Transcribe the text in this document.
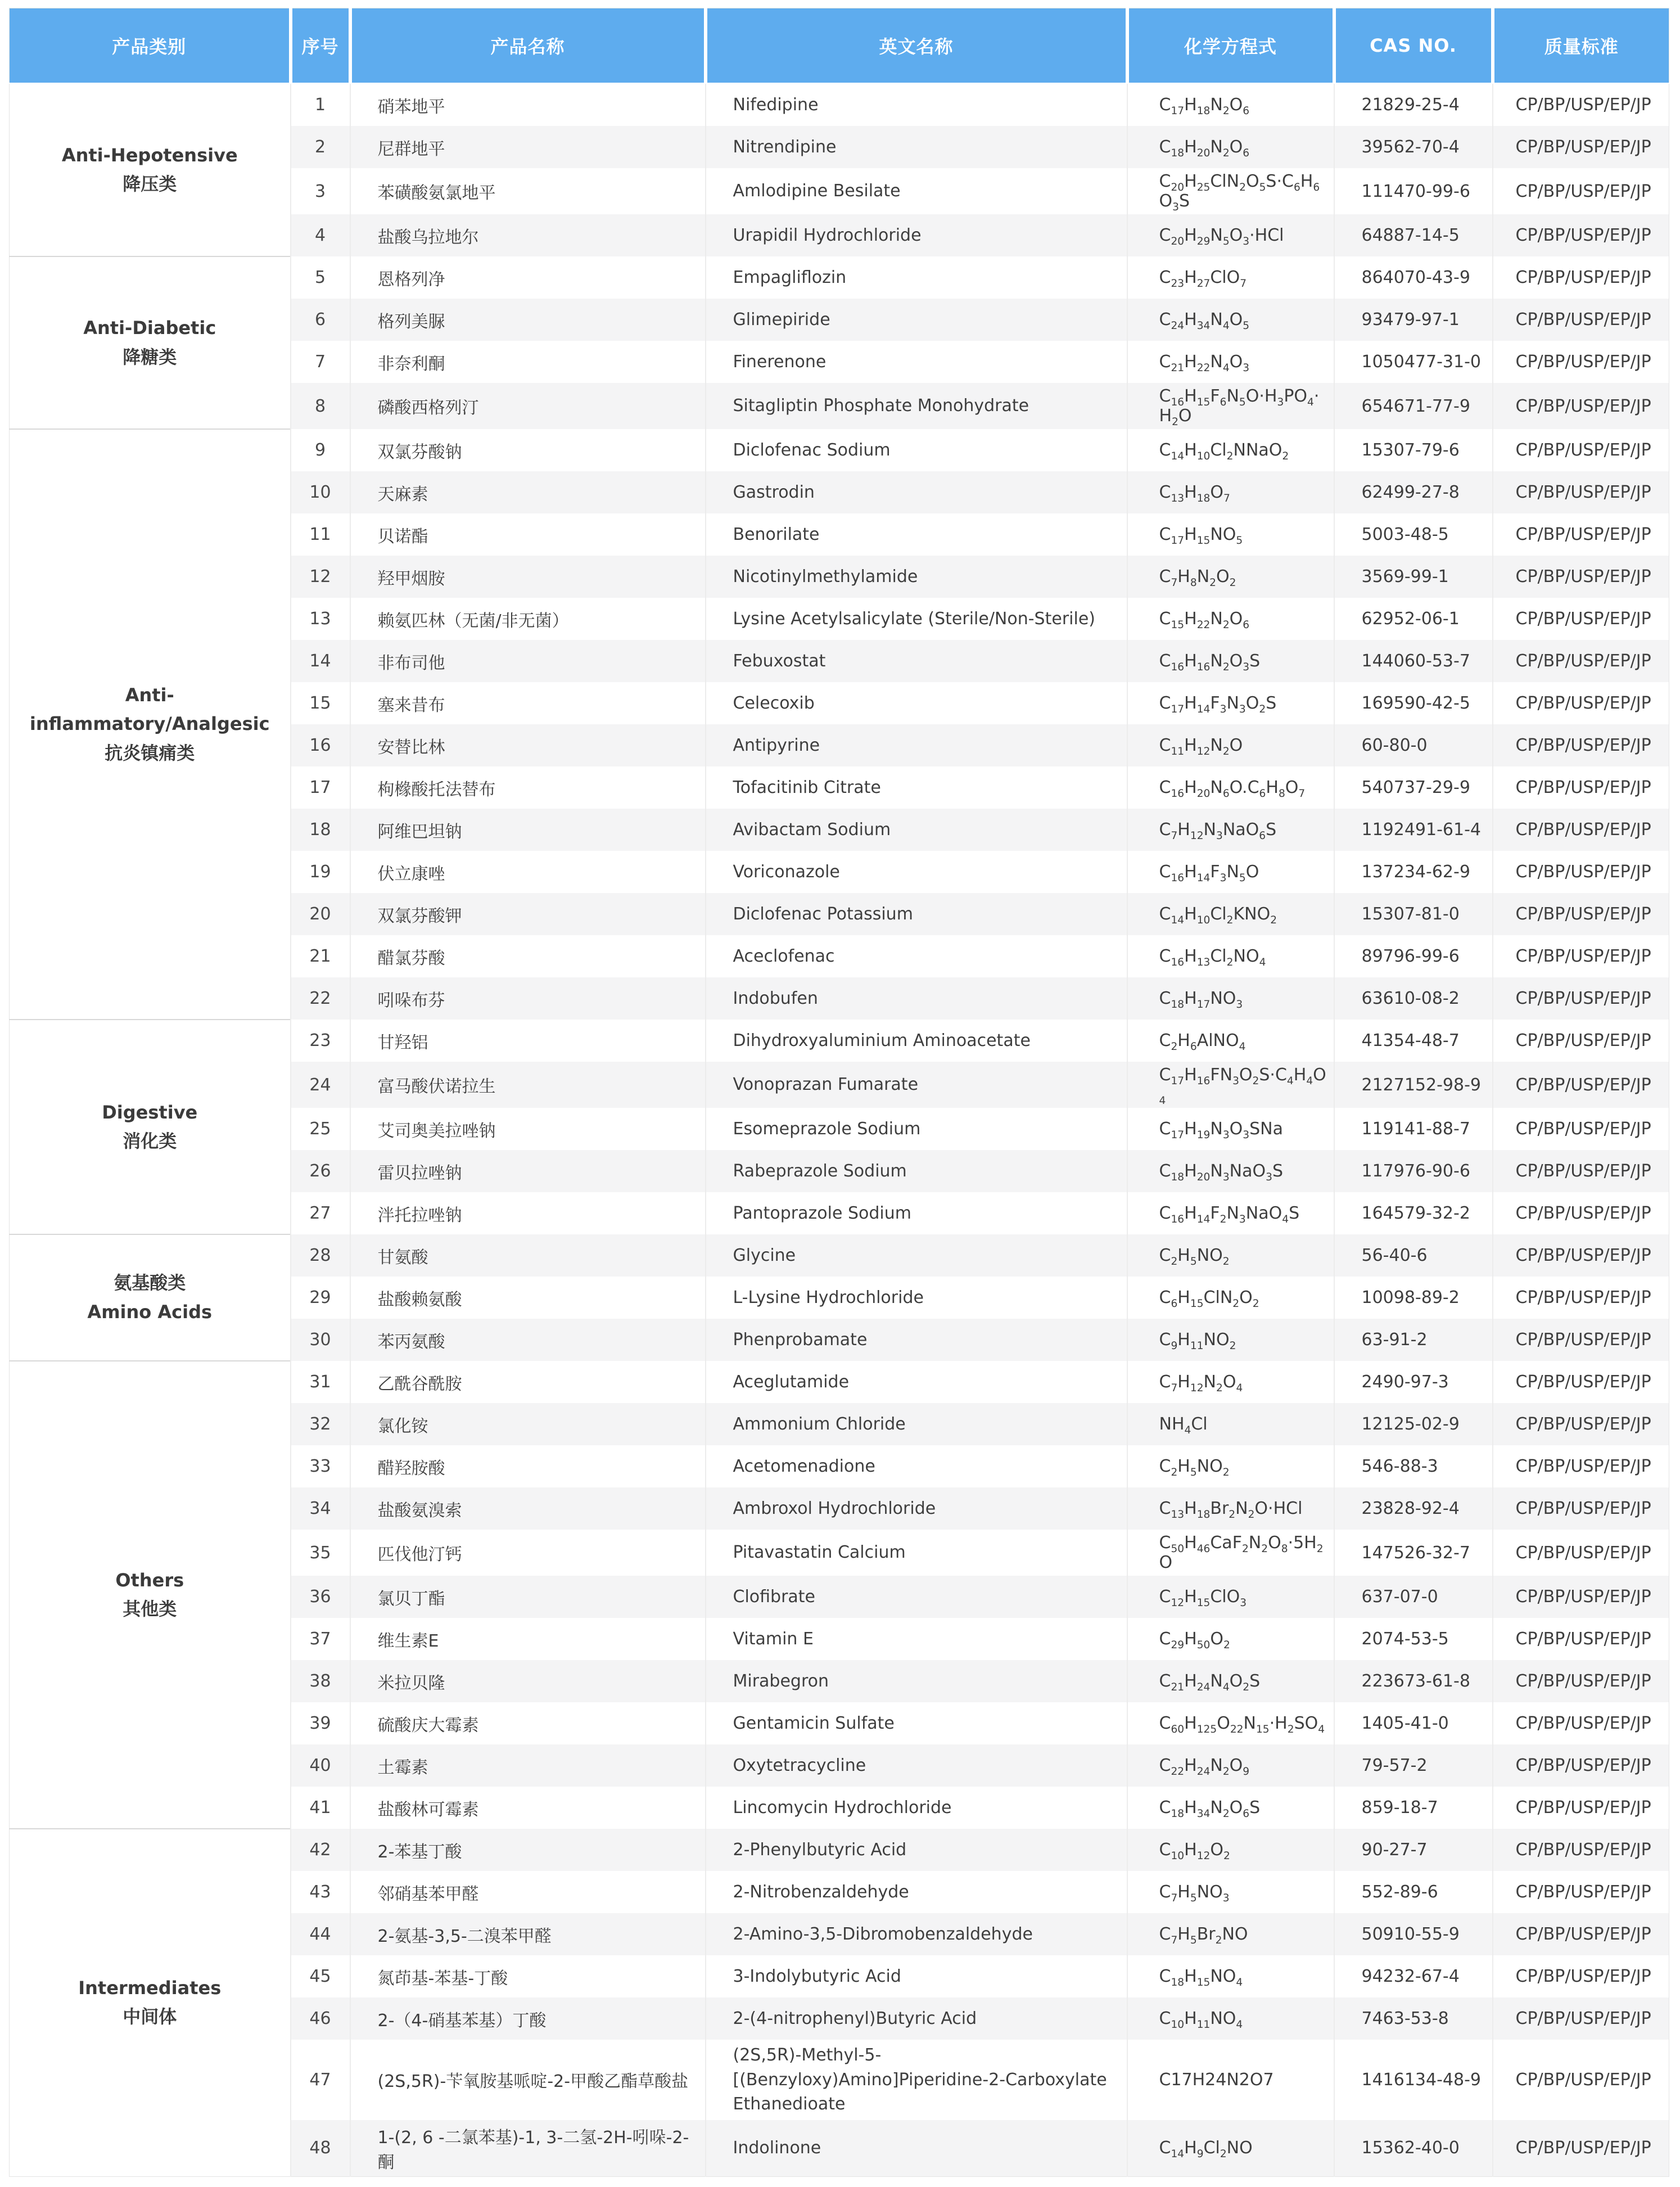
产品类别	序号	产品名称	英文名称	化学方程式	CAS NO.	质量标准

Anti-Hepotensive
降压类	1	硝苯地平	Nifedipine	$C_{17}H_{18}N_2O_6$	21829-25-4	CP/BP/USP/EP/JP
	2	尼群地平	Nitrendipine	$C_{18}H_{20}N_2O_6$	39562-70-4	CP/BP/USP/EP/JP
	3	苯磺酸氨氯地平	Amlodipine Besilate	$C_{20}H_{25}ClN_2O_5S\cdot C_6H_6O_3S$	111470-99-6	CP/BP/USP/EP/JP
	4	盐酸乌拉地尔	Urapidil Hydrochloride	$C_{20}H_{29}N_5O_3\cdot HCl$	64887-14-5	CP/BP/USP/EP/JP

Anti-Diabetic
降糖类	5	恩格列净	Empagliflozin	$C_{23}H_{27}ClO_7$	864070-43-9	CP/BP/USP/EP/JP
	6	格列美脲	Glimepiride	$C_{24}H_{34}N_4O_5$	93479-97-1	CP/BP/USP/EP/JP
	7	非奈利酮	Finerenone	$C_{21}H_{22}N_4O_3$	1050477-31-0	CP/BP/USP/EP/JP
	8	磷酸西格列汀	Sitagliptin Phosphate Monohydrate	$C_{16}H_{15}F_6N_5O\cdot H_3PO_4\cdot H_2O$	654671-77-9	CP/BP/USP/EP/JP

Anti-inflammatory/Analgesic
抗炎镇痛类	9	双氯芬酸钠	Diclofenac Sodium	$C_{14}H_{10}Cl_2NNaO_2$	15307-79-6	CP/BP/USP/EP/JP
	10	天麻素	Gastrodin	$C_{13}H_{18}O_7$	62499-27-8	CP/BP/USP/EP/JP
	11	贝诺酯	Benorilate	$C_{17}H_{15}NO_5$	5003-48-5	CP/BP/USP/EP/JP
	12	羟甲烟胺	Nicotinylmethylamide	$C_7H_8N_2O_2$	3569-99-1	CP/BP/USP/EP/JP
	13	赖氨匹林（无菌/非无菌）	Lysine Acetylsalicylate (Sterile/Non-Sterile)	$C_{15}H_{22}N_2O_6$	62952-06-1	CP/BP/USP/EP/JP
	14	非布司他	Febuxostat	$C_{16}H_{16}N_2O_3S$	144060-53-7	CP/BP/USP/EP/JP
	15	塞来昔布	Celecoxib	$C_{17}H_{14}F_3N_3O_2S$	169590-42-5	CP/BP/USP/EP/JP
	16	安替比林	Antipyrine	$C_{11}H_{12}N_2O$	60-80-0	CP/BP/USP/EP/JP
	17	枸橼酸托法替布	Tofacitinib Citrate	$C_{16}H_{20}N_6O.C_6H_8O_7$	540737-29-9	CP/BP/USP/EP/JP
	18	阿维巴坦钠	Avibactam Sodium	$C_7H_{12}N_3NaO_6S$	1192491-61-4	CP/BP/USP/EP/JP
	19	伏立康唑	Voriconazole	$C_{16}H_{14}F_3N_5O$	137234-62-9	CP/BP/USP/EP/JP
	20	双氯芬酸钾	Diclofenac Potassium	$C_{14}H_{10}Cl_2KNO_2$	15307-81-0	CP/BP/USP/EP/JP
	21	醋氯芬酸	Aceclofenac	$C_{16}H_{13}Cl_2NO_4$	89796-99-6	CP/BP/USP/EP/JP
	22	吲哚布芬	Indobufen	$C_{18}H_{17}NO_3$	63610-08-2	CP/BP/USP/EP/JP

Digestive
消化类	23	甘羟铝	Dihydroxyaluminium Aminoacetate	$C_2H_6AlNO_4$	41354-48-7	CP/BP/USP/EP/JP
	24	富马酸伏诺拉生	Vonoprazan Fumarate	$C_{17}H_{16}FN_3O_2S\cdot C_4H_4O_4$	2127152-98-9	CP/BP/USP/EP/JP
	25	艾司奥美拉唑钠	Esomeprazole Sodium	$C_{17}H_{19}N_3O_3SNa$	119141-88-7	CP/BP/USP/EP/JP
	26	雷贝拉唑钠	Rabeprazole Sodium	$C_{18}H_{20}N_3NaO_3S$	117976-90-6	CP/BP/USP/EP/JP
	27	泮托拉唑钠	Pantoprazole Sodium	$C_{16}H_{14}F_2N_3NaO_4S$	164579-32-2	CP/BP/USP/EP/JP

氨基酸类
Amino Acids	28	甘氨酸	Glycine	$C_2H_5NO_2$	56-40-6	CP/BP/USP/EP/JP
	29	盐酸赖氨酸	L-Lysine Hydrochloride	$C_6H_{15}ClN_2O_2$	10098-89-2	CP/BP/USP/EP/JP
	30	苯丙氨酸	Phenprobamate	$C_9H_{11}NO_2$	63-91-2	CP/BP/USP/EP/JP

Others
其他类	31	乙酰谷酰胺	Aceglutamide	$C_7H_{12}N_2O_4$	2490-97-3	CP/BP/USP/EP/JP
	32	氯化铵	Ammonium Chloride	$NH_4Cl$	12125-02-9	CP/BP/USP/EP/JP
	33	醋羟胺酸	Acetomenadione	$C_2H_5NO_2$	546-88-3	CP/BP/USP/EP/JP
	34	盐酸氨溴索	Ambroxol Hydrochloride	$C_{13}H_{18}Br_2N_2O\cdot HCl$	23828-92-4	CP/BP/USP/EP/JP
	35	匹伐他汀钙	Pitavastatin Calcium	$C_{50}H_{46}CaF_2N_2O_8\cdot 5H_2O$	147526-32-7	CP/BP/USP/EP/JP
	36	氯贝丁酯	Clofibrate	$C_{12}H_{15}ClO_3$	637-07-0	CP/BP/USP/EP/JP
	37	维生素E	Vitamin E	$C_{29}H_{50}O_2$	2074-53-5	CP/BP/USP/EP/JP
	38	米拉贝隆	Mirabegron	$C_{21}H_{24}N_4O_2S$	223673-61-8	CP/BP/USP/EP/JP
	39	硫酸庆大霉素	Gentamicin Sulfate	$C_{60}H_{125}O_{22}N_{15}\cdot H_2SO_4$	1405-41-0	CP/BP/USP/EP/JP
	40	土霉素	Oxytetracycline	$C_{22}H_{24}N_2O_9$	79-57-2	CP/BP/USP/EP/JP
	41	盐酸林可霉素	Lincomycin Hydrochloride	$C_{18}H_{34}N_2O_6S$	859-18-7	CP/BP/USP/EP/JP

Intermediates
中间体	42	2-苯基丁酸	2-Phenylbutyric Acid	$C_{10}H_{12}O_2$	90-27-7	CP/BP/USP/EP/JP
	43	邻硝基苯甲醛	2-Nitrobenzaldehyde	$C_7H_5NO_3$	552-89-6	CP/BP/USP/EP/JP
	44	2-氨基-3,5-二溴苯甲醛	2-Amino-3,5-Dibromobenzaldehyde	$C_7H_5Br_2NO$	50910-55-9	CP/BP/USP/EP/JP
	45	氮茚基-苯基-丁酸	3-Indolybutyric Acid	$C_{18}H_{15}NO_4$	94232-67-4	CP/BP/USP/EP/JP
	46	2-（4-硝基苯基）丁酸	2-(4-nitrophenyl)Butyric Acid	$C_{10}H_{11}NO_4$	7463-53-8	CP/BP/USP/EP/JP
	47	(2S,5R)-苄氧胺基哌啶-2-甲酸乙酯草酸盐	(2S,5R)-Methyl-5-[(Benzyloxy)Amino]Piperidine-2-Carboxylate Ethanedioate	C17H24N2O7	1416134-48-9	CP/BP/USP/EP/JP
	48	1-(2, 6 -二氯苯基)-1, 3-二氢-2H-吲哚-2-酮	Indolinone	$C_{14}H_9Cl_2NO$	15362-40-0	CP/BP/USP/EP/JP
